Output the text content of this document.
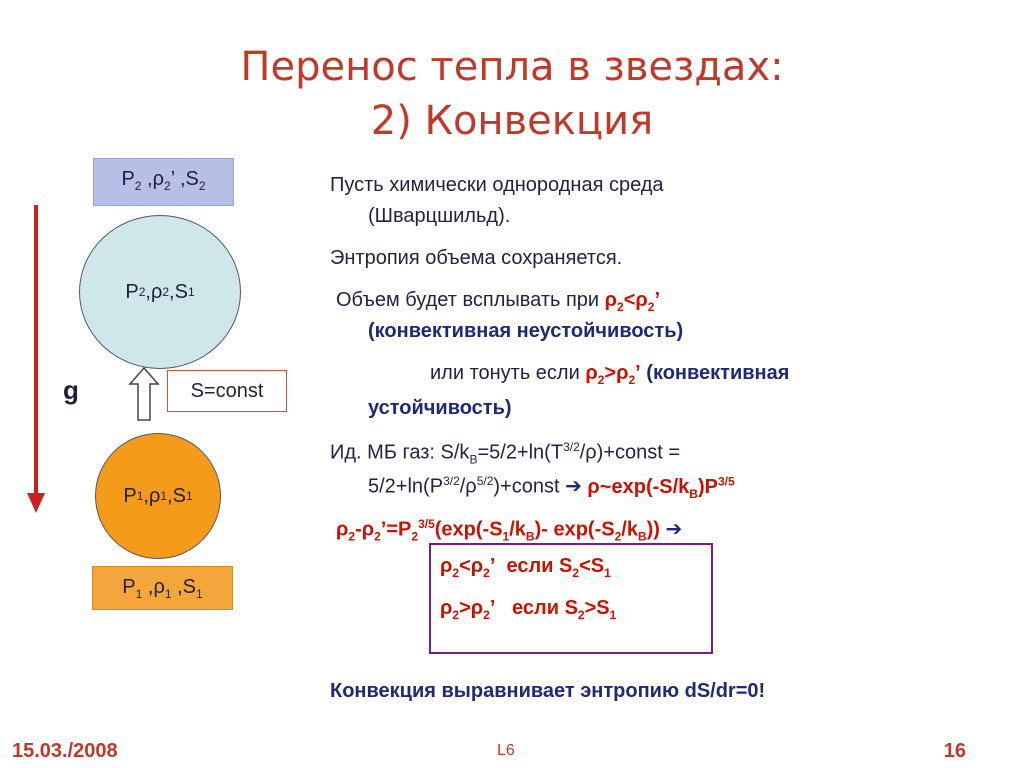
Перенос тепла в звездах:
2) Конвекция
$P_2$ $,\rho_2$’ $,S_2$
P 2 , ρ 2 , S 1
g	S=const
P 1 , ρ 1 , S 1
$P_1$ $,\rho_1$ $,S_1$
Пусть химически однородная среда
(Шварцшильд).
Энтропия объема сохраняется.
Объем будет всплывать при $\rho_2<\rho_2$’
(конвективная неустойчивость)
или тонуть если $\rho_2>\rho_2$’ (конвективная
устойчивость)
Ид. МБ газ: $S/k_B=5/2+\ln(T^{3/2}/\rho)+const$ =
$5/2+\ln(P^{3/2}/\rho^{5/2})+const$ ➔ $\rho\sim\exp(-S/k_B)P^{3/5}$
$\rho_2-\rho_2’=P_2^{3/5}(\exp(-S_1/k_B)-$ $\exp(-S_2/k_B)$) ➔
$\rho_2<\rho_2$’  если $S_2<S_1$
$\rho_2>\rho_2$’   если $S_2>S_1$
Конвекция выравнивает энтропию dS/dr=0!
15.03./2008	L6	16
